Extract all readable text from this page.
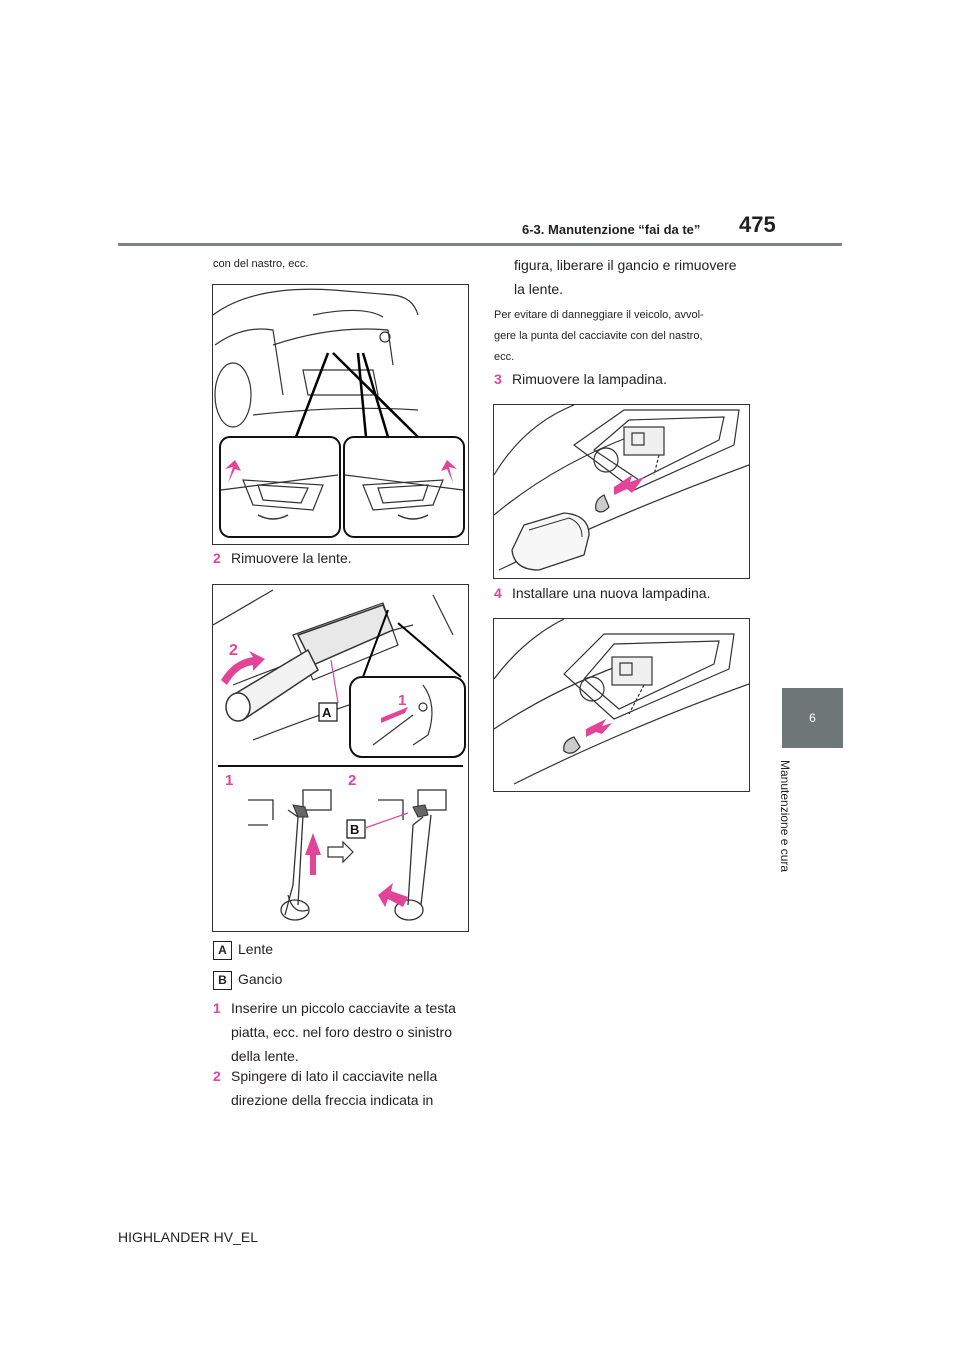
6-3. Manutenzione “fai da te” 475
6
Manutenzione e cura
con del nastro, ecc.
2 Rimuovere la lente.
2
A
1
1	2
B
A Lente
B Gancio
1 Inserire un piccolo cacciavite a testa
piatta, ecc. nel foro destro o sinistro
della lente.
2 Spingere di lato il cacciavite nella
direzione della freccia indicata in
figura, liberare il gancio e rimuovere
la lente.
Per evitare di danneggiare il veicolo, avvol-
gere la punta del cacciavite con del nastro,
ecc.
3 Rimuovere la lampadina.
4 Installare una nuova lampadina.
HIGHLANDER HV_EL
